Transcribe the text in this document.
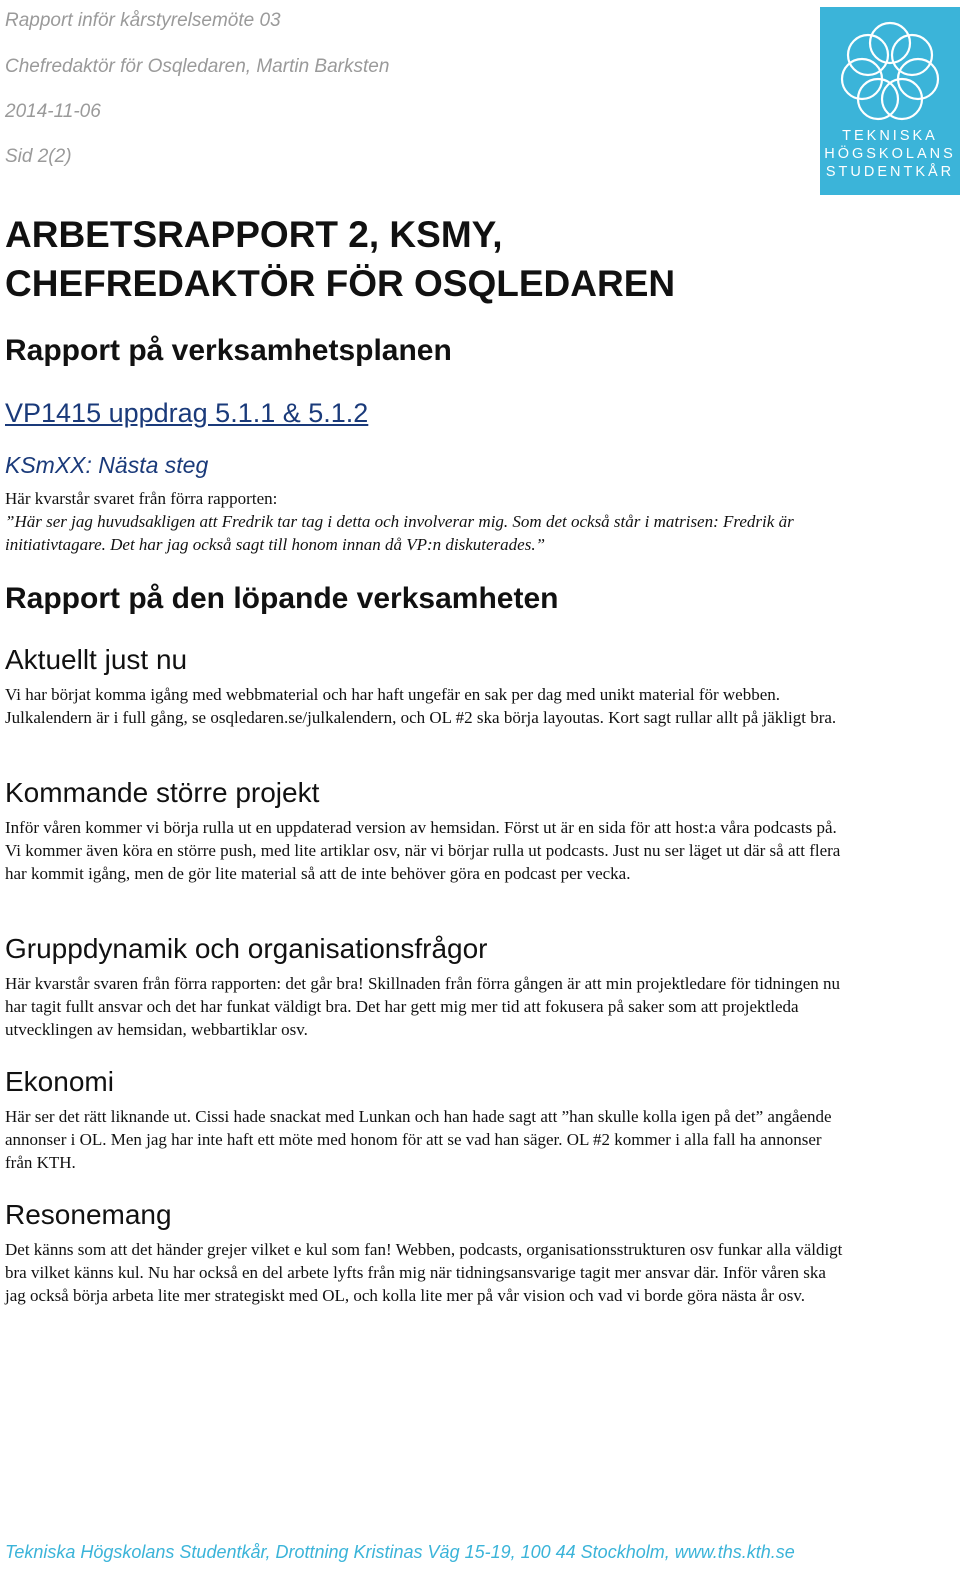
Rapport inför kårstyrelsemöte 03

Chefredaktör för Osqledaren, Martin Barksten

2014-11-06

Sid 2(2)

TEKNISKA
HÖGSKOLANS
STUDENTKÅR
ARBETSRAPPORT 2, KSMY, CHEFREDAKTÖR FÖR OSQLEDAREN
Rapport på verksamhetsplanen

VP1415 uppdrag 5.1.1 & 5.1.2

KSmXX: Nästa steg

Här kvarstår svaret från förra rapporten:

”Här ser jag huvudsakligen att Fredrik tar tag i detta och involverar mig. Som det också står i matrisen: Fredrik är initiativtagare. Det har jag också sagt till honom innan då VP:n diskuterades.”

Rapport på den löpande verksamheten
Aktuellt just nu

Vi har börjat komma igång med webbmaterial och har haft ungefär en sak per dag med unikt material för webben. Julkalendern är i full gång, se osqledaren.se/julkalendern, och OL #2 ska börja layoutas. Kort sagt rullar allt på jäkligt bra.

Kommande större projekt

Inför våren kommer vi börja rulla ut en uppdaterad version av hemsidan. Först ut är en sida för att host:a våra podcasts på. Vi kommer även köra en större push, med lite artiklar osv, när vi börjar rulla ut podcasts. Just nu ser läget ut där så att flera har kommit igång, men de gör lite material så att de inte behöver göra en podcast per vecka.

Gruppdynamik och organisationsfrågor

Här kvarstår svaren från förra rapporten: det går bra! Skillnaden från förra gången är att min projektledare för tidningen nu har tagit fullt ansvar och det har funkat väldigt bra. Det har gett mig mer tid att fokusera på saker som att projektleda utvecklingen av hemsidan, webbartiklar osv.

Ekonomi

Här ser det rätt liknande ut. Cissi hade snackat med Lunkan och han hade sagt att ”han skulle kolla igen på det” angående annonser i OL. Men jag har inte haft ett möte med honom för att se vad han säger. OL #2 kommer i alla fall ha annonser från KTH.

Resonemang

Det känns som att det händer grejer vilket e kul som fan! Webben, podcasts, organisationsstrukturen osv funkar alla väldigt bra vilket känns kul. Nu har också en del arbete lyfts från mig när tidningsansvarige tagit mer ansvar där. Inför våren ska jag också börja arbeta lite mer strategiskt med OL, och kolla lite mer på vår vision och vad vi borde göra nästa år osv.

Tekniska Högskolans Studentkår, Drottning Kristinas Väg 15-19, 100 44 Stockholm, www.ths.kth.se
